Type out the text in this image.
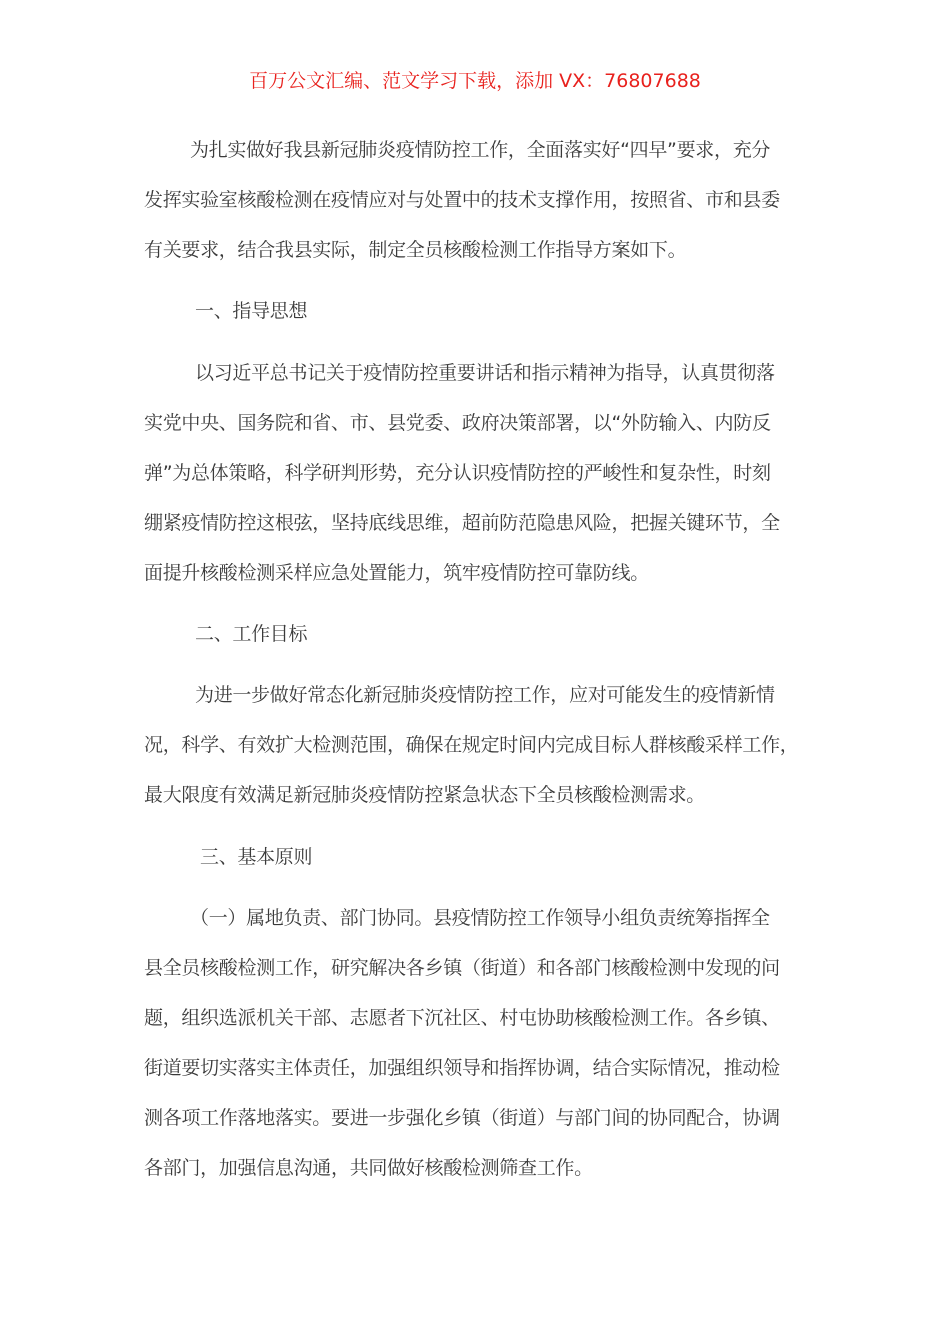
百万公文汇编、范文学习下载，添加 VX：76807688
为扎实做好我县新冠肺炎疫情防控工作，全面落实好“四早”要求，充分
发挥实验室核酸检测在疫情应对与处置中的技术支撑作用，按照省、市和县委
有关要求，结合我县实际，制定全员核酸检测工作指导方案如下。
一、指导思想
以习近平总书记关于疫情防控重要讲话和指示精神为指导，认真贯彻落
实党中央、国务院和省、市、县党委、政府决策部署，以“外防输入、内防反
弹”为总体策略，科学研判形势，充分认识疫情防控的严峻性和复杂性，时刻
绷紧疫情防控这根弦，坚持底线思维，超前防范隐患风险，把握关键环节，全
面提升核酸检测采样应急处置能力，筑牢疫情防控可靠防线。
二、工作目标
为进一步做好常态化新冠肺炎疫情防控工作，应对可能发生的疫情新情
况，科学、有效扩大检测范围，确保在规定时间内完成目标人群核酸采样工作，
最大限度有效满足新冠肺炎疫情防控紧急状态下全员核酸检测需求。
三、基本原则
（一）属地负责、部门协同。县疫情防控工作领导小组负责统筹指挥全
县全员核酸检测工作，研究解决各乡镇（街道）和各部门核酸检测中发现的问
题，组织选派机关干部、志愿者下沉社区、村屯协助核酸检测工作。各乡镇、
街道要切实落实主体责任，加强组织领导和指挥协调，结合实际情况，推动检
测各项工作落地落实。要进一步强化乡镇（街道）与部门间的协同配合，协调
各部门，加强信息沟通，共同做好核酸检测筛查工作。
